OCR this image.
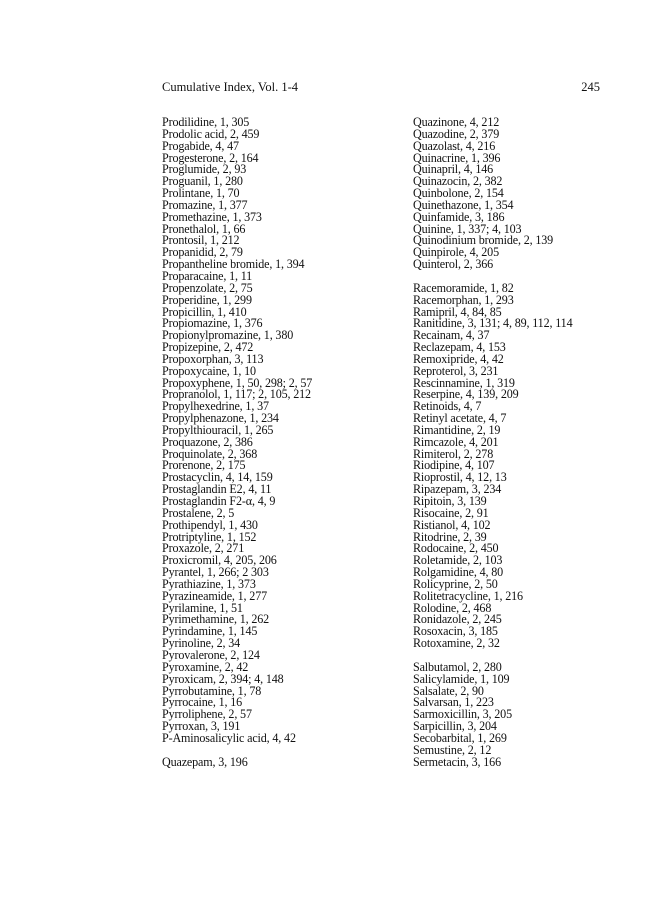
Cumulative Index, Vol. 1-4	245
Prodilidine, 1, 305
Prodolic acid, 2, 459
Progabide, 4, 47
Progesterone, 2, 164
Proglumide, 2, 93
Proguanil, 1, 280
Prolintane, 1, 70
Promazine, 1, 377
Promethazine, 1, 373
Pronethalol, 1, 66
Prontosil, 1, 212
Propanidid, 2, 79
Propantheline bromide, 1, 394
Proparacaine, 1, 11
Propenzolate, 2, 75
Properidine, 1, 299
Propicillin, 1, 410
Propiomazine, 1, 376
Propionylpromazine, 1, 380
Propizepine, 2, 472
Propoxorphan, 3, 113
Propoxycaine, 1, 10
Propoxyphene, 1, 50, 298; 2, 57
Propranolol, 1, 117; 2, 105, 212
Propylhexedrine, 1, 37
Propylphenazone, 1, 234
Propylthiouracil, 1, 265
Proquazone, 2, 386
Proquinolate, 2, 368
Prorenone, 2, 175
Prostacyclin, 4, 14, 159
Prostaglandin E2, 4, 11
Prostaglandin F2-α, 4, 9
Prostalene, 2, 5
Prothipendyl, 1, 430
Protriptyline, 1, 152
Proxazole, 2, 271
Proxicromil, 4, 205, 206
Pyrantel, 1, 266; 2 303
Pyrathiazine, 1, 373
Pyrazineamide, 1, 277
Pyrilamine, 1, 51
Pyrimethamine, 1, 262
Pyrindamine, 1, 145
Pyrinoline, 2, 34
Pyrovalerone, 2, 124
Pyroxamine, 2, 42
Pyroxicam, 2, 394; 4, 148
Pyrrobutamine, 1, 78
Pyrrocaine, 1, 16
Pyrroliphene, 2, 57
Pyrroxan, 3, 191
P-Aminosalicylic acid, 4, 42
Quazepam, 3, 196
Quazinone, 4, 212
Quazodine, 2, 379
Quazolast, 4, 216
Quinacrine, 1, 396
Quinapril, 4, 146
Quinazocin, 2, 382
Quinbolone, 2, 154
Quinethazone, 1, 354
Quinfamide, 3, 186
Quinine, 1, 337; 4, 103
Quinodinium bromide, 2, 139
Quinpirole, 4, 205
Quinterol, 2, 366
Racemoramide, 1, 82
Racemorphan, 1, 293
Ramipril, 4, 84, 85
Ranitidine, 3, 131; 4, 89, 112, 114
Recainam, 4, 37
Reclazepam, 4, 153
Remoxipride, 4, 42
Reproterol, 3, 231
Rescinnamine, 1, 319
Reserpine, 4, 139, 209
Retinoids, 4, 7
Retinyl acetate, 4, 7
Rimantidine, 2, 19
Rimcazole, 4, 201
Rimiterol, 2, 278
Riodipine, 4, 107
Rioprostil, 4, 12, 13
Ripazepam, 3, 234
Ripitoin, 3, 139
Risocaine, 2, 91
Ristianol, 4, 102
Ritodrine, 2, 39
Rodocaine, 2, 450
Roletamide, 2, 103
Rolgamidine, 4, 80
Rolicyprine, 2, 50
Rolitetracycline, 1, 216
Rolodine, 2, 468
Ronidazole, 2, 245
Rosoxacin, 3, 185
Rotoxamine, 2, 32
Salbutamol, 2, 280
Salicylamide, 1, 109
Salsalate, 2, 90
Salvarsan, 1, 223
Sarmoxicillin, 3, 205
Sarpicillin, 3, 204
Secobarbital, 1, 269
Semustine, 2, 12
Sermetacin, 3, 166
